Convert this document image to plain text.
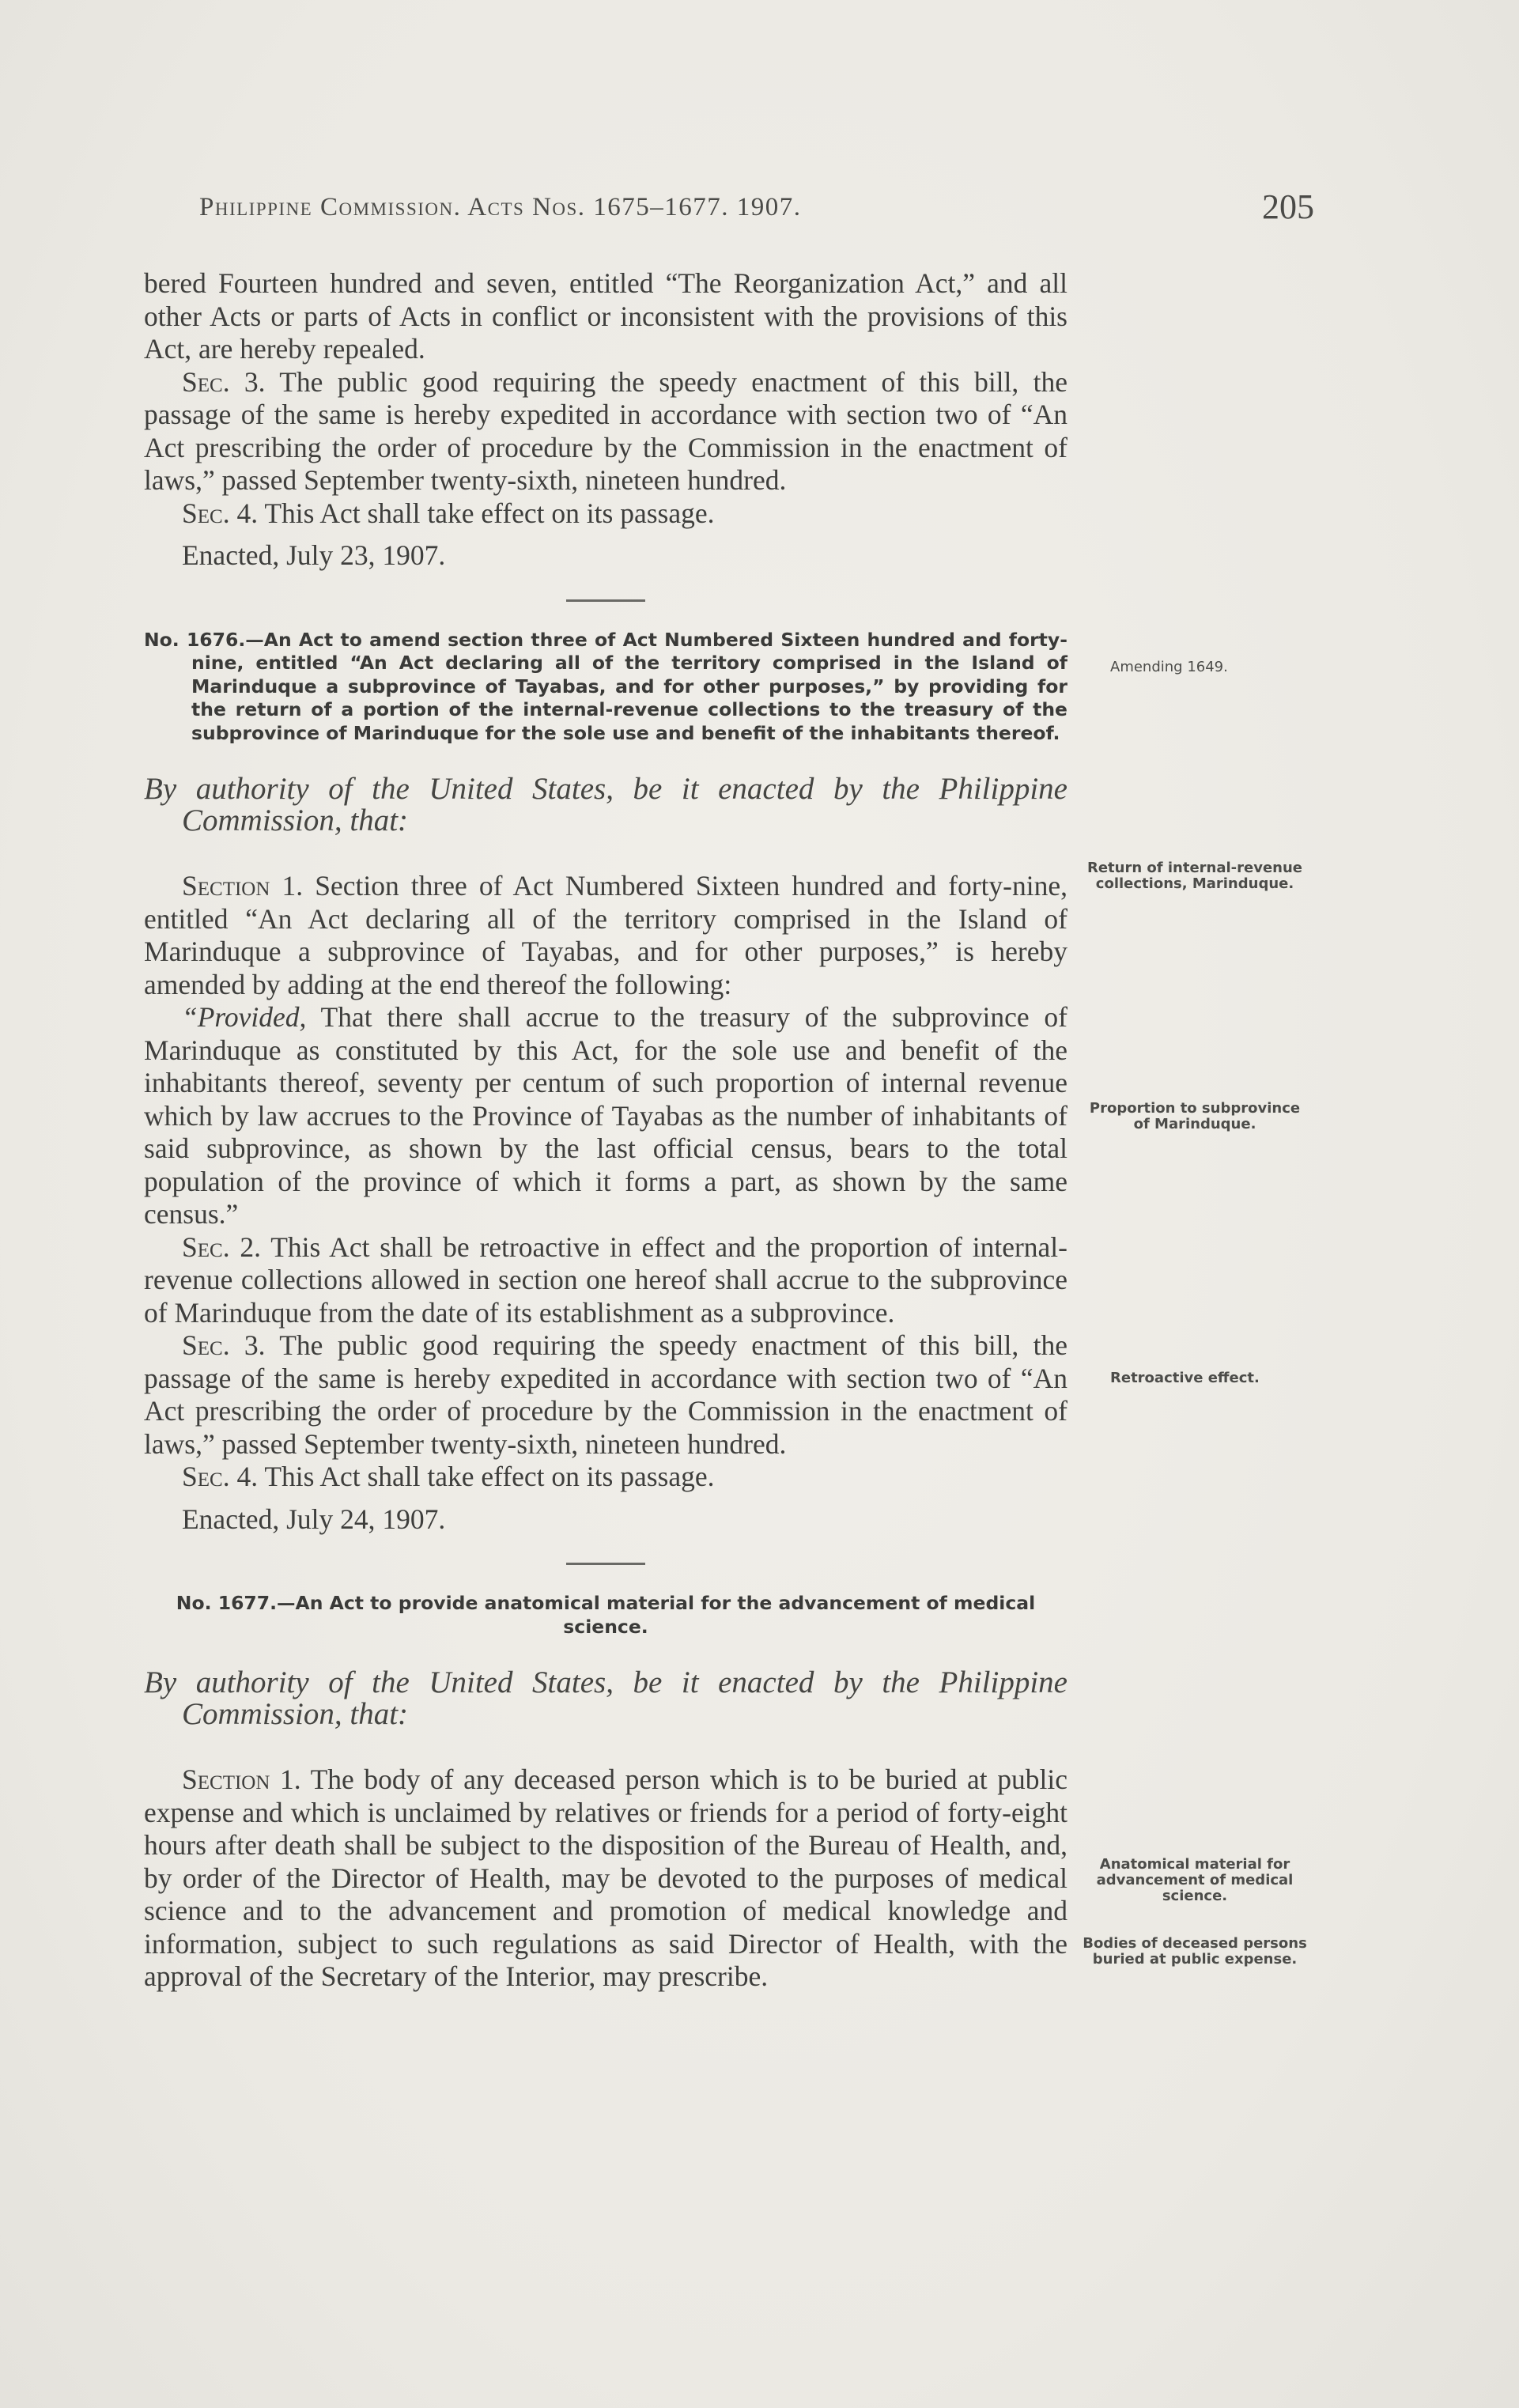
Philippine Commission. Acts Nos. 1675–1677. 1907.	205

bered Fourteen hundred and seven, entitled “The Reorganization Act,” and all other Acts or parts of Acts in conflict or inconsistent with the provisions of this Act, are hereby repealed.

Sec. 3. The public good requiring the speedy enactment of this bill, the passage of the same is hereby expedited in accordance with section two of “An Act prescribing the order of procedure by the Commission in the enactment of laws,” passed September twenty-sixth, nineteen hundred.

Sec. 4. This Act shall take effect on its passage.

Enacted, July 23, 1907.

No. 1676.—An Act to amend section three of Act Numbered Sixteen hundred and forty-nine, entitled “An Act declaring all of the territory comprised in the Island of Marinduque a subprovince of Tayabas, and for other purposes,” by providing for the return of a portion of the internal-revenue collections to the treasury of the subprovince of Marinduque for the sole use and benefit of the inhabitants thereof.

By authority of the United States, be it enacted by the Philippine Commission, that:

Section 1. Section three of Act Numbered Sixteen hundred and forty-nine, entitled “An Act declaring all of the territory comprised in the Island of Marinduque a subprovince of Tayabas, and for other purposes,” is hereby amended by adding at the end thereof the following:

“Provided, That there shall accrue to the treasury of the subprovince of Marinduque as constituted by this Act, for the sole use and benefit of the inhabitants thereof, seventy per centum of such proportion of internal revenue which by law accrues to the Province of Tayabas as the number of inhabitants of said subprovince, as shown by the last official census, bears to the total population of the province of which it forms a part, as shown by the same census.”

Sec. 2. This Act shall be retroactive in effect and the proportion of internal-revenue collections allowed in section one hereof shall accrue to the subprovince of Marinduque from the date of its establishment as a subprovince.

Sec. 3. The public good requiring the speedy enactment of this bill, the passage of the same is hereby expedited in accordance with section two of “An Act prescribing the order of procedure by the Commission in the enactment of laws,” passed September twenty-sixth, nineteen hundred.

Sec. 4. This Act shall take effect on its passage.

Enacted, July 24, 1907.

No. 1677.—An Act to provide anatomical material for the advancement of medical science.

By authority of the United States, be it enacted by the Philippine Commission, that:

Section 1. The body of any deceased person which is to be buried at public expense and which is unclaimed by relatives or friends for a period of forty-eight hours after death shall be subject to the disposition of the Bureau of Health, and, by order of the Director of Health, may be devoted to the purposes of medical science and to the advancement and promotion of medical knowledge and information, subject to such regulations as said Director of Health, with the approval of the Secretary of the Interior, may prescribe.

Amending 1649.
Return of internal-revenue collections, Marinduque.
Proportion to subprovince of Marinduque.
Retroactive effect.
Anatomical material for advancement of medical science.
Bodies of deceased persons buried at public expense.
